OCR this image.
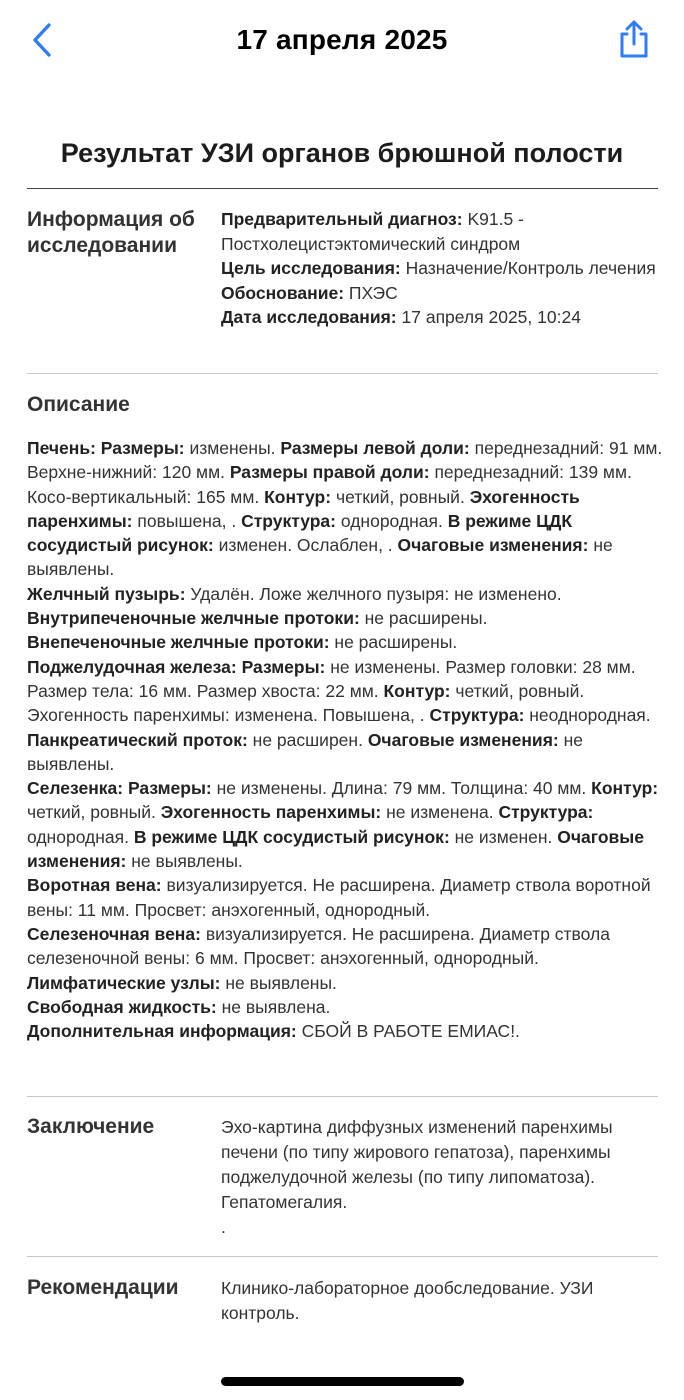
17 апреля 2025
Результат УЗИ органов брюшной полости
Информация об исследовании
Предварительный диагноз: K91.5 - Постхолецистэктомический синдром
Цель исследования: Назначение/Контроль лечения
Обоснование: ПХЭС
Дата исследования: 17 апреля 2025, 10:24
Описание
Печень: Размеры: изменены. Размеры левой доли: переднезадний: 91 мм. Верхне-нижний: 120 мм. Размеры правой доли: переднезадний: 139 мм. Косо-вертикальный: 165 мм. Контур: четкий, ровный. Эхогенность паренхимы: повышена, . Структура: однородная. В режиме ЦДК сосудистый рисунок: изменен. Ослаблен, . Очаговые изменения: не выявлены.
Желчный пузырь: Удалён. Ложе желчного пузыря: не изменено.
Внутрипеченочные желчные протоки: не расширены.
Внепеченочные желчные протоки: не расширены.
Поджелудочная железа: Размеры: не изменены. Размер головки: 28 мм. Размер тела: 16 мм. Размер хвоста: 22 мм. Контур: четкий, ровный. Эхогенность паренхимы: изменена. Повышена, . Структура: неоднородная.
Панкреатический проток: не расширен. Очаговые изменения: не выявлены.
Селезенка: Размеры: не изменены. Длина: 79 мм. Толщина: 40 мм. Контур: четкий, ровный. Эхогенность паренхимы: не изменена. Структура: однородная. В режиме ЦДК сосудистый рисунок: не изменен. Очаговые изменения: не выявлены.
Воротная вена: визуализируется. Не расширена. Диаметр ствола воротной вены: 11 мм. Просвет: анэхогенный, однородный.
Селезеночная вена: визуализируется. Не расширена. Диаметр ствола селезеночной вены: 6 мм. Просвет: анэхогенный, однородный.
Лимфатические узлы: не выявлены.
Свободная жидкость: не выявлена.
Дополнительная информация: СБОЙ В РАБОТЕ ЕМИАС!.
Заключение	Эхо-картина диффузных изменений паренхимы печени (по типу жирового гепатоза), паренхимы поджелудочной железы (по типу липоматоза). Гепатомегалия.
.
Рекомендации Клинико-лабораторное дообследование. УЗИ контроль.
